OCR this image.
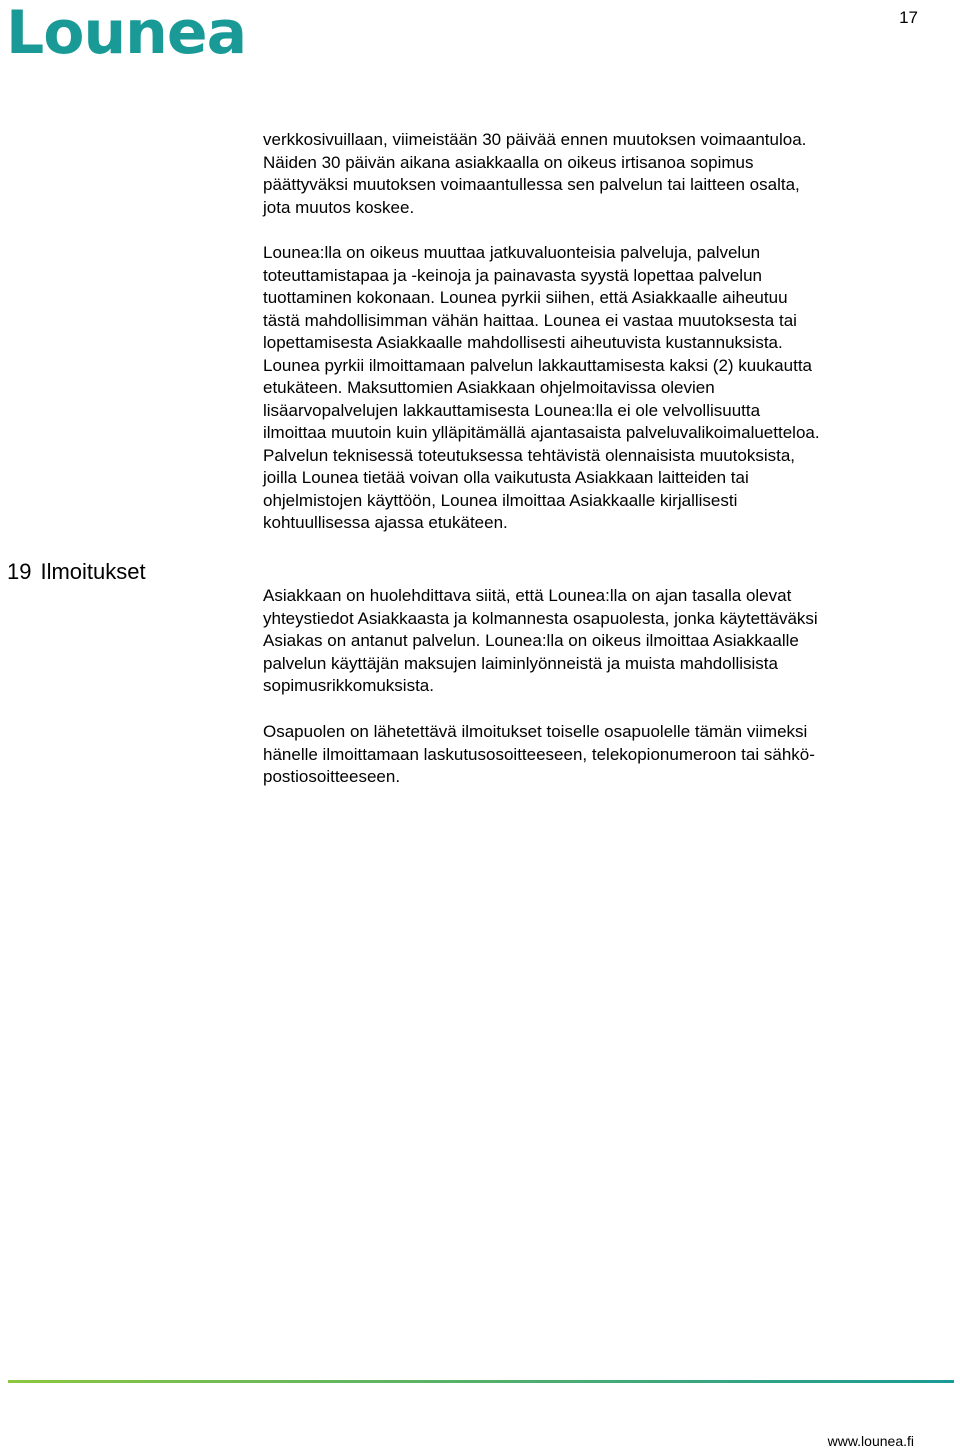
Lounea	17

verkkosivuillaan, viimeistään 30 päivää ennen muutoksen voimaantuloa.
Näiden 30 päivän aikana asiakkaalla on oikeus irtisanoa sopimus
päättyväksi muutoksen voimaantullessa sen palvelun tai laitteen osalta,
jota muutos koskee.

Lounea:lla on oikeus muuttaa jatkuvaluonteisia palveluja, palvelun
toteuttamistapaa ja -keinoja ja painavasta syystä lopettaa palvelun
tuottaminen kokonaan. Lounea pyrkii siihen, että Asiakkaalle aiheutuu
tästä mahdollisimman vähän haittaa. Lounea ei vastaa muutoksesta tai
lopettamisesta Asiakkaalle mahdollisesti aiheutuvista kustannuksista.
Lounea pyrkii ilmoittamaan palvelun lakkauttamisesta kaksi (2) kuukautta
etukäteen. Maksuttomien Asiakkaan ohjelmoitavissa olevien
lisäarvopalvelujen lakkauttamisesta Lounea:lla ei ole velvollisuutta
ilmoittaa muutoin kuin ylläpitämällä ajantasaista palveluvalikoimaluetteloa.
Palvelun teknisessä toteutuksessa tehtävistä olennaisista muutoksista,
joilla Lounea tietää voivan olla vaikutusta Asiakkaan laitteiden tai
ohjelmistojen käyttöön, Lounea ilmoittaa Asiakkaalle kirjallisesti
kohtuullisessa ajassa etukäteen.

19 Ilmoitukset

Asiakkaan on huolehdittava siitä, että Lounea:lla on ajan tasalla olevat
yhteystiedot Asiakkaasta ja kolmannesta osapuolesta, jonka käytettäväksi
Asiakas on antanut palvelun. Lounea:lla on oikeus ilmoittaa Asiakkaalle
palvelun käyttäjän maksujen laiminlyönneistä ja muista mahdollisista
sopimusrikkomuksista.

Osapuolen on lähetettävä ilmoitukset toiselle osapuolelle tämän viimeksi
hänelle ilmoittamaan laskutusosoitteeseen, telekopionumeroon tai sähkö-
postiosoitteeseen.

www.lounea.fi
